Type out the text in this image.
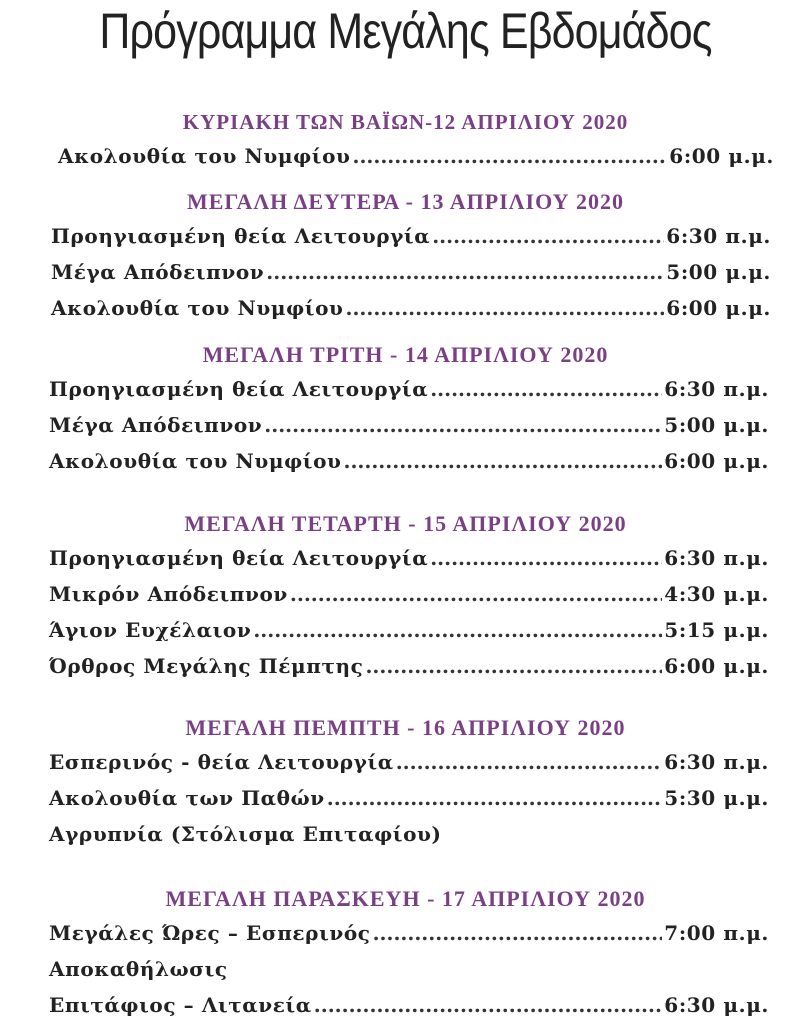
Πρόγραμμα Μεγάλης Εβδομάδος
ΚΥΡΙΑΚΗ ΤΩΝ ΒΑΪΩΝ-12 ΑΠΡΙΛΙΟΥ 2020
Ακολουθία του Νυμφίου .....	6:00 μ.μ.
ΜΕΓΑΛΗ ΔΕΥΤΕΡΑ - 13 ΑΠΡΙΛΙΟΥ 2020
Προηγιασμένη θεία Λειτουργία .....	6:30 π.μ.
Μέγα Απόδειπνον .....	5:00 μ.μ.
Ακολουθία του Νυμφίου .....	6:00 μ.μ.
ΜΕΓΑΛΗ ΤΡΙΤΗ - 14 ΑΠΡΙΛΙΟΥ 2020
Προηγιασμένη θεία Λειτουργία .....	6:30 π.μ.
Μέγα Απόδειπνον .....	5:00 μ.μ.
Ακολουθία του Νυμφίου .....	6:00 μ.μ.
ΜΕΓΑΛΗ ΤΕΤΑΡΤΗ - 15 ΑΠΡΙΛΙΟΥ 2020
Προηγιασμένη θεία Λειτουργία .....	6:30 π.μ.
Μικρόν Απόδειπνον .....	4:30 μ.μ.
Άγιον Ευχέλαιον .....	5:15 μ.μ.
Όρθρος Μεγάλης Πέμπτης .....	6:00 μ.μ.
ΜΕΓΑΛΗ ΠΕΜΠΤΗ - 16 ΑΠΡΙΛΙΟΥ 2020
Εσπερινός - θεία Λειτουργία .....	6:30 π.μ.
Ακολουθία των Παθών .....	5:30 μ.μ.
Αγρυπνία (Στόλισμα Επιταφίου)
ΜΕΓΑΛΗ ΠΑΡΑΣΚΕΥΗ - 17 ΑΠΡΙΛΙΟΥ 2020
Μεγάλες Ώρες – Εσπερινός .....	7:00 π.μ.
Αποκαθήλωσις
Επιτάφιος – Λιτανεία .....	6:30 μ.μ.
